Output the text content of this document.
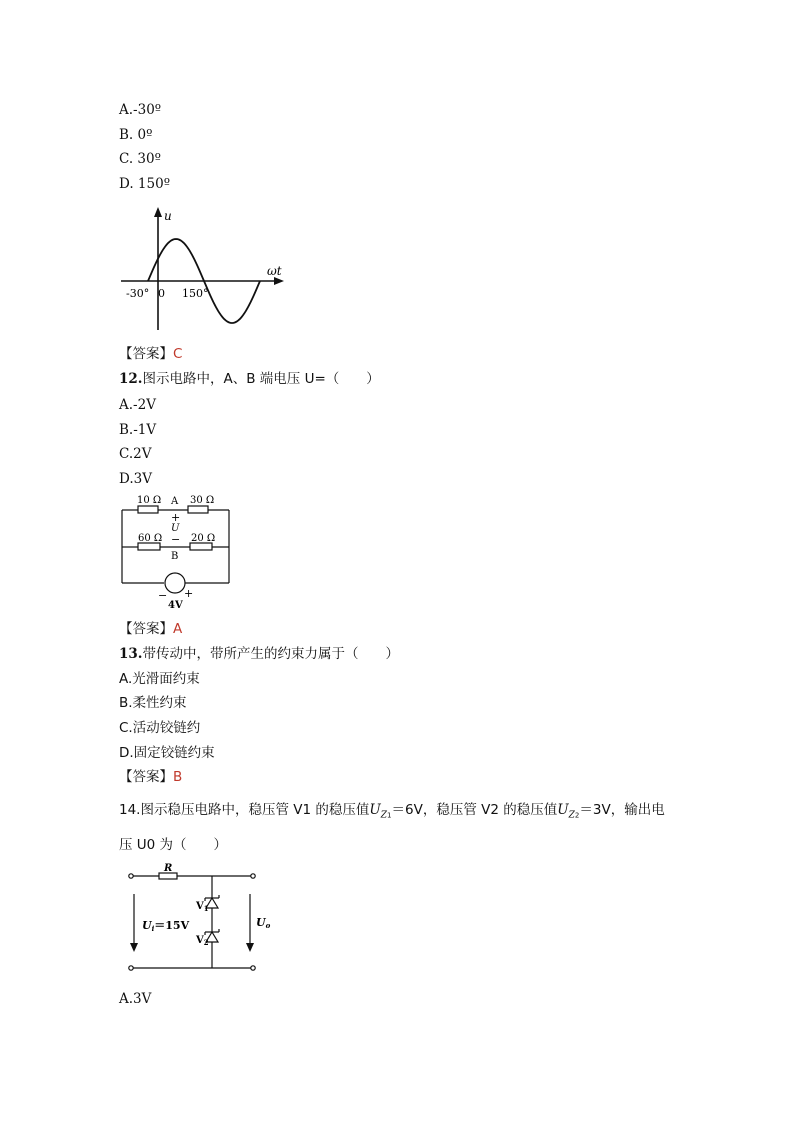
A.-30º
B. 0º
C. 30º
D. 150º
u
ωt
-30° 0 150°
【答案】C
12.图示电路中，A、B 端电压 U=（　　）
A.-2V
B.-1V
C.2V
D.3V
10 Ω	30 Ω
60 Ω	20 Ω
A
+
U
−
B
− +
4V
【答案】A
13.带传动中，带所产生的约束力属于（　　）
A.光滑面约束
B.柔性约束
C.活动铰链约
D.固定铰链约束
【答案】B
14.图示稳压电路中，稳压管 V1 的稳压值$U_{Z1}=6V$，稳压管 V2 的稳压值$U_{Z2}=3V$，输出电
压 U0 为（　　）
R
Ui＝15V
$V_1$
$V_2$
Uo
A.3V
